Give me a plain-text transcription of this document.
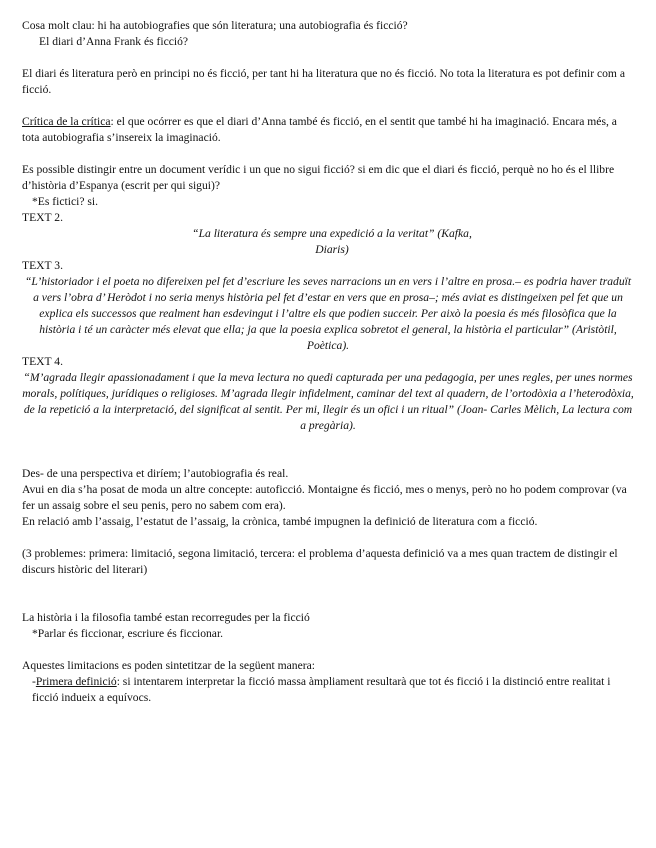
Cosa molt clau: hi ha autobiografies que són literatura; una autobiografia és ficció?

El diari d’Anna Frank és ficció?

El diari és literatura però en principi no és ficció, per tant hi ha literatura que no és ficció. No tota la literatura es pot definir com a ficció.

Crítica de la crítica: el que ocórrer es que el diari d’Anna també és ficció, en el sentit que també hi ha imaginació. Encara més, a tota autobiografia s’insereix la imaginació.

Es possible distingir entre un document verídic i un que no sigui ficció? si em dic que el diari és ficció, perquè no ho és el llibre d’història d’Espanya (escrit per qui sigui)?

*Es fictici? si.

TEXT 2.

“La literatura és sempre una expedició a la veritat” (Kafka, Diaris)

TEXT 3.

“L’historiador i el poeta no difereixen pel fet d’escriure les seves narracions un en vers i l’altre en prosa.– es podria haver traduït a vers l’obra d’ Heròdot i no seria menys història pel fet d’estar en vers que en prosa–; més aviat es distingeixen pel fet que un explica els successos que realment han esdevingut i l’altre els que podien succeir. Per això la poesia és més filosòfica que la història i té un caràcter més elevat que ella; ja que la poesia explica sobretot el general, la història el particular” (Aristòtil, Poètica).

TEXT 4.

“M’agrada llegir apassionadament i que la meva lectura no quedi capturada per una pedagogia, per unes regles, per unes normes morals, polítiques, jurídiques o religioses. M’agrada llegir infidelment, caminar del text al quadern, de l’ortodòxia a l’heterodòxia, de la repetició a la interpretació, del significat al sentit. Per mi, llegir és un ofici i un ritual” (Joan- Carles Mèlich, La lectura com a pregària).

Des- de una perspectiva et diríem; l’autobiografia és real.

Avui en dia s’ha posat de moda un altre concepte: autoficció. Montaigne és ficció, mes o menys, però no ho podem comprovar (va fer un assaig sobre el seu penis, pero no sabem com era).

En relació amb l’assaig, l’estatut de l’assaig, la crònica, també impugnen la definició de literatura com a ficció.

(3 problemes: primera: limitació, segona limitació, tercera: el problema d’aquesta definició va a mes quan tractem de distingir el discurs històric del literari)

La història i la filosofia també estan recorregudes per la ficció

*Parlar és ficcionar, escriure és ficcionar.

Aquestes limitacions es poden sintetitzar de la següent manera:

-Primera definició: si intentarem interpretar la ficció massa àmpliament resultarà que tot és ficció i la distinció entre realitat i ficció indueix a equívocs.
